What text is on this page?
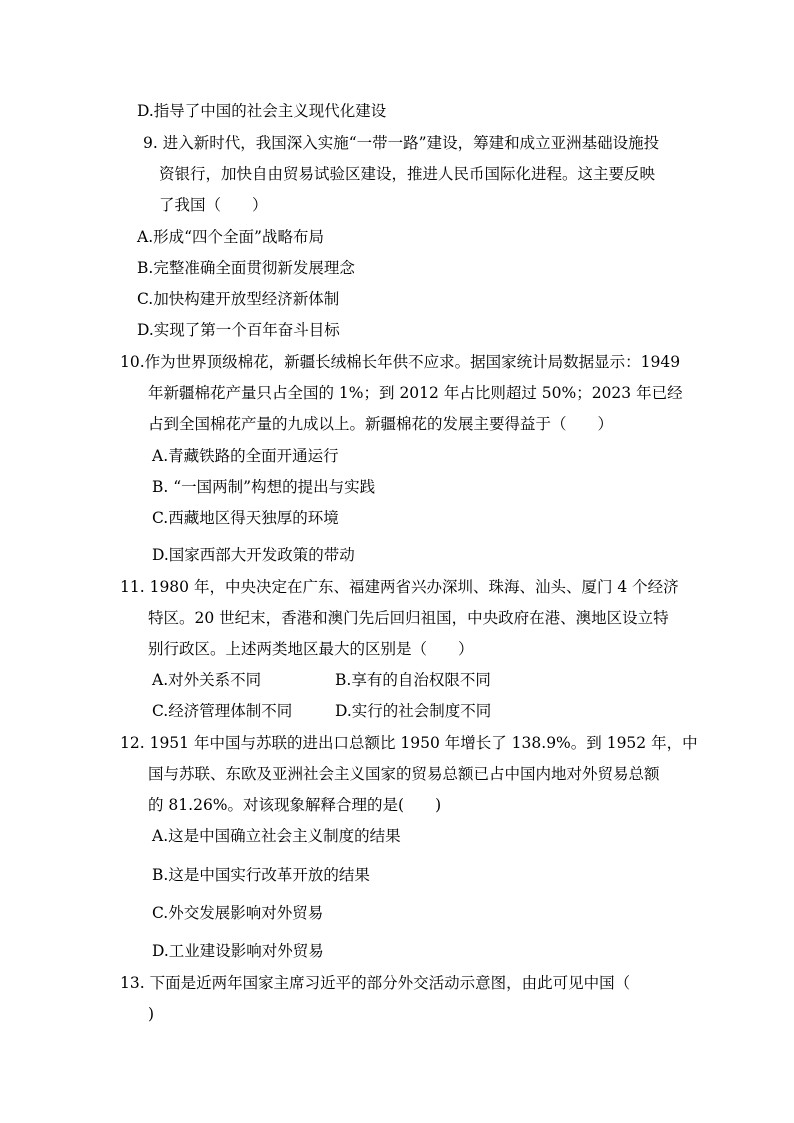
D.指导了中国的社会主义现代化建设
9. 进入新时代，我国深入实施“一带一路”建设，筹建和成立亚洲基础设施投
资银行，加快自由贸易试验区建设，推进人民币国际化进程。这主要反映
了我国（　　）
A.形成“四个全面”战略布局
B.完整准确全面贯彻新发展理念
C.加快构建开放型经济新体制
D.实现了第一个百年奋斗目标
10.作为世界顶级棉花，新疆长绒棉长年供不应求。据国家统计局数据显示：1949
年新疆棉花产量只占全国的 1%；到 2012 年占比则超过 50%；2023 年已经
占到全国棉花产量的九成以上。新疆棉花的发展主要得益于（　　）
A.青藏铁路的全面开通运行
B. “一国两制”构想的提出与实践
C.西藏地区得天独厚的环境
D.国家西部大开发政策的带动
11. 1980 年，中央决定在广东、福建两省兴办深圳、珠海、汕头、厦门 4 个经济
特区。20 世纪末，香港和澳门先后回归祖国，中央政府在港、澳地区设立特
别行政区。上述两类地区最大的区别是（　　）
A.对外关系不同	B.享有的自治权限不同
C.经济管理体制不同	D.实行的社会制度不同
12. 1951 年中国与苏联的进出口总额比 1950 年增长了 138.9%。到 1952 年，中
国与苏联、东欧及亚洲社会主义国家的贸易总额已占中国内地对外贸易总额
的 81.26%。对该现象解释合理的是(　　)
A.这是中国确立社会主义制度的结果
B.这是中国实行改革开放的结果
C.外交发展影响对外贸易
D.工业建设影响对外贸易
13. 下面是近两年国家主席习近平的部分外交活动示意图，由此可见中国（
)
